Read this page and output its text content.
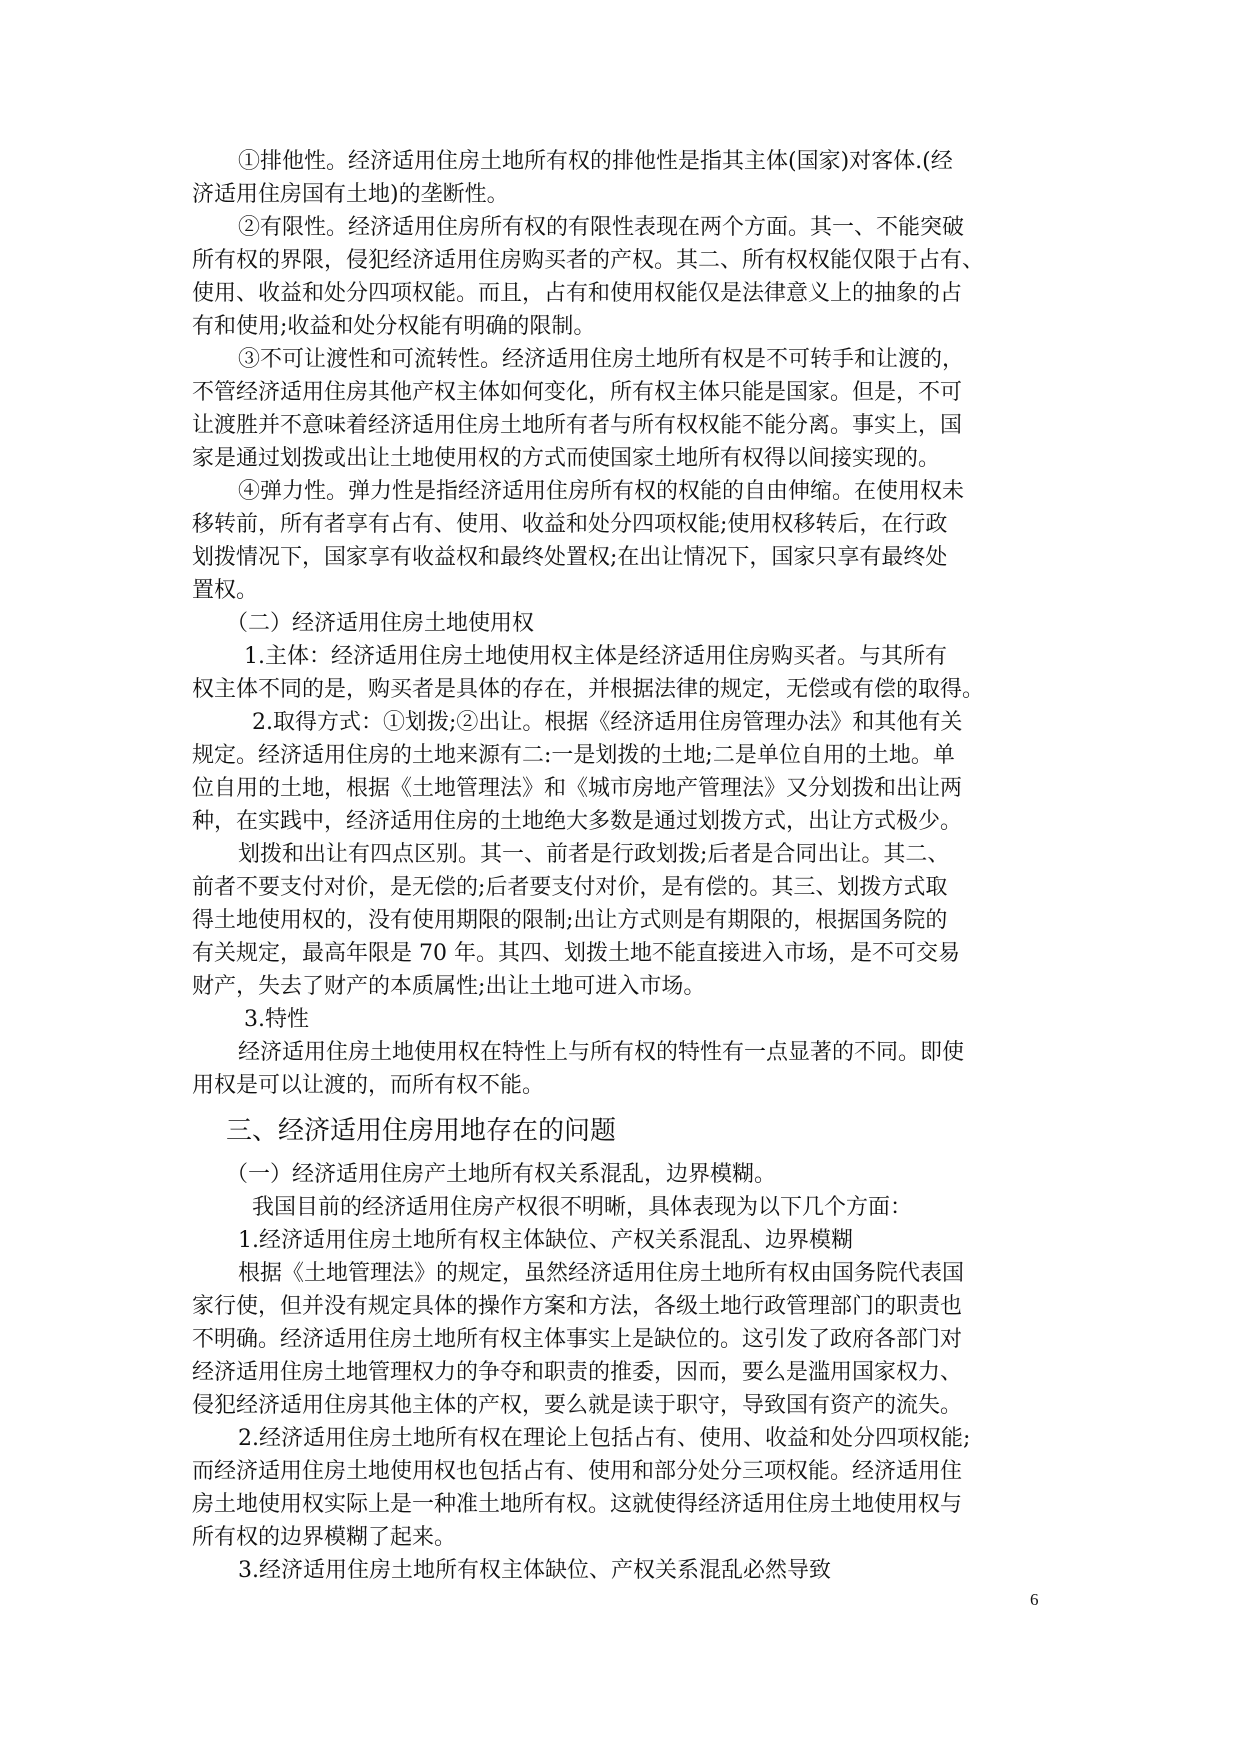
①排他性。经济适用住房土地所有权的排他性是指其主体(国家)对客体.(经
济适用住房国有土地)的垄断性。
②有限性。经济适用住房所有权的有限性表现在两个方面。其一、不能突破
所有权的界限，侵犯经济适用住房购买者的产权。其二、所有权权能仅限于占有、
使用、收益和处分四项权能。而且，占有和使用权能仅是法律意义上的抽象的占
有和使用;收益和处分权能有明确的限制。
③不可让渡性和可流转性。经济适用住房土地所有权是不可转手和让渡的，
不管经济适用住房其他产权主体如何变化，所有权主体只能是国家。但是，不可
让渡胜并不意味着经济适用住房土地所有者与所有权权能不能分离。事实上，国
家是通过划拨或出让土地使用权的方式而使国家土地所有权得以间接实现的。
④弹力性。弹力性是指经济适用住房所有权的权能的自由伸缩。在使用权未
移转前，所有者享有占有、使用、收益和处分四项权能;使用权移转后，在行政
划拨情况下，国家享有收益权和最终处置权;在出让情况下，国家只享有最终处
置权。
（二）经济适用住房土地使用权
1.主体：经济适用住房土地使用权主体是经济适用住房购买者。与其所有
权主体不同的是，购买者是具体的存在，并根据法律的规定，无偿或有偿的取得。
2.取得方式：①划拨;②出让。根据《经济适用住房管理办法》和其他有关
规定。经济适用住房的土地来源有二:一是划拨的土地;二是单位自用的土地。单
位自用的土地，根据《土地管理法》和《城市房地产管理法》又分划拨和出让两
种，在实践中，经济适用住房的土地绝大多数是通过划拨方式，出让方式极少。
划拨和出让有四点区别。其一、前者是行政划拨;后者是合同出让。其二、
前者不要支付对价，是无偿的;后者要支付对价，是有偿的。其三、划拨方式取
得土地使用权的，没有使用期限的限制;出让方式则是有期限的，根据国务院的
有关规定，最高年限是 70 年。其四、划拨土地不能直接进入市场，是不可交易
财产，失去了财产的本质属性;出让土地可进入市场。
3.特性
经济适用住房土地使用权在特性上与所有权的特性有一点显著的不同。即使
用权是可以让渡的，而所有权不能。
三、经济适用住房用地存在的问题
（一）经济适用住房产土地所有权关系混乱，边界模糊。
我国目前的经济适用住房产权很不明晰，具体表现为以下几个方面：
1.经济适用住房土地所有权主体缺位、产权关系混乱、边界模糊
根据《土地管理法》的规定，虽然经济适用住房土地所有权由国务院代表国
家行使，但并没有规定具体的操作方案和方法，各级土地行政管理部门的职责也
不明确。经济适用住房土地所有权主体事实上是缺位的。这引发了政府各部门对
经济适用住房土地管理权力的争夺和职责的推委，因而，要么是滥用国家权力、
侵犯经济适用住房其他主体的产权，要么就是读于职守，导致国有资产的流失。
2.经济适用住房土地所有权在理论上包括占有、使用、收益和处分四项权能;
而经济适用住房土地使用权也包括占有、使用和部分处分三项权能。经济适用住
房土地使用权实际上是一种准土地所有权。这就使得经济适用住房土地使用权与
所有权的边界模糊了起来。
3.经济适用住房土地所有权主体缺位、产权关系混乱必然导致
6
